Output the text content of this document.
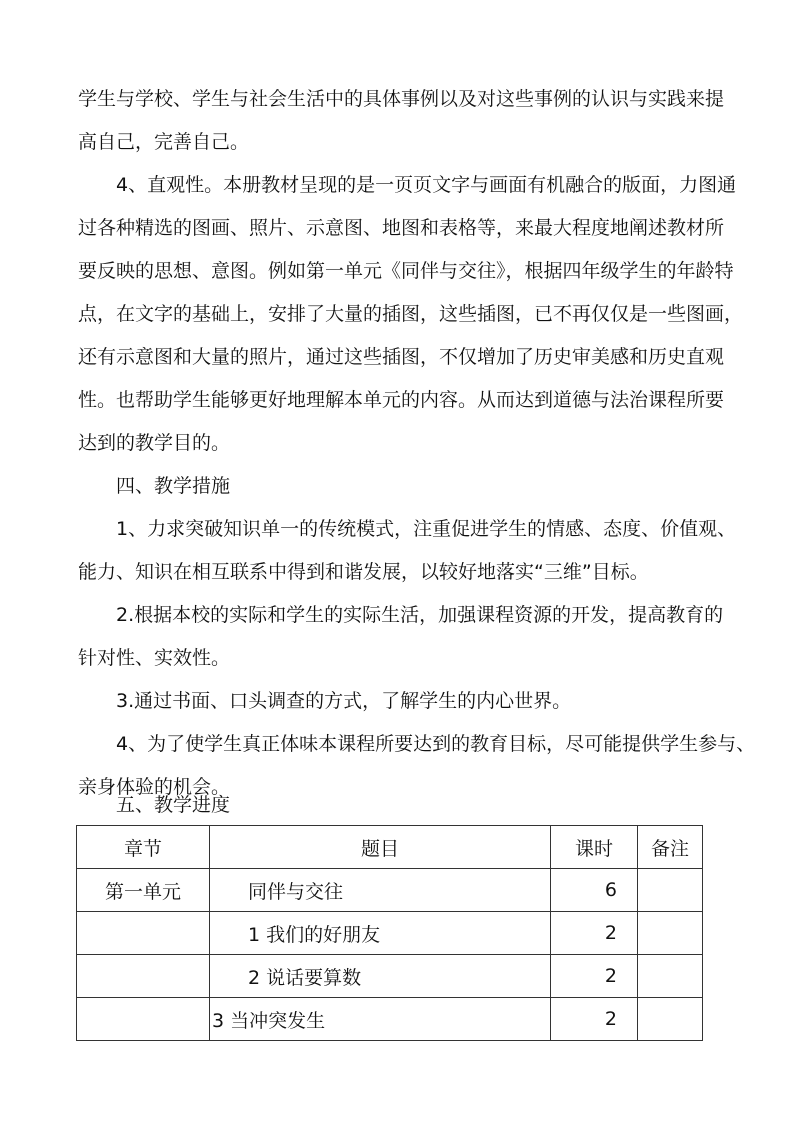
学生与学校、学生与社会生活中的具体事例以及对这些事例的认识与实践来提
高自己，完善自己。
4、直观性。本册教材呈现的是一页页文字与画面有机融合的版面，力图通
过各种精选的图画、照片、示意图、地图和表格等，来最大程度地阐述教材所
要反映的思想、意图。例如第一单元《同伴与交往》，根据四年级学生的年龄特
点，在文字的基础上，安排了大量的插图，这些插图，已不再仅仅是一些图画，
还有示意图和大量的照片，通过这些插图，不仅增加了历史审美感和历史直观
性。也帮助学生能够更好地理解本单元的内容。从而达到道德与法治课程所要
达到的教学目的。
四、教学措施
1、力求突破知识单一的传统模式，注重促进学生的情感、态度、价值观、
能力、知识在相互联系中得到和谐发展，以较好地落实“三维”目标。
2.根据本校的实际和学生的实际生活，加强课程资源的开发，提高教育的
针对性、实效性。
3.通过书面、口头调查的方式，了解学生的内心世界。
4、为了使学生真正体味本课程所要达到的教育目标，尽可能提供学生参与、
亲身体验的机会。
五、教学进度
章节	题目	课时	备注
第一单元	同伴与交往	6	
	1 我们的好朋友	2	
	2 说话要算数	2	
	3 当冲突发生	2	
